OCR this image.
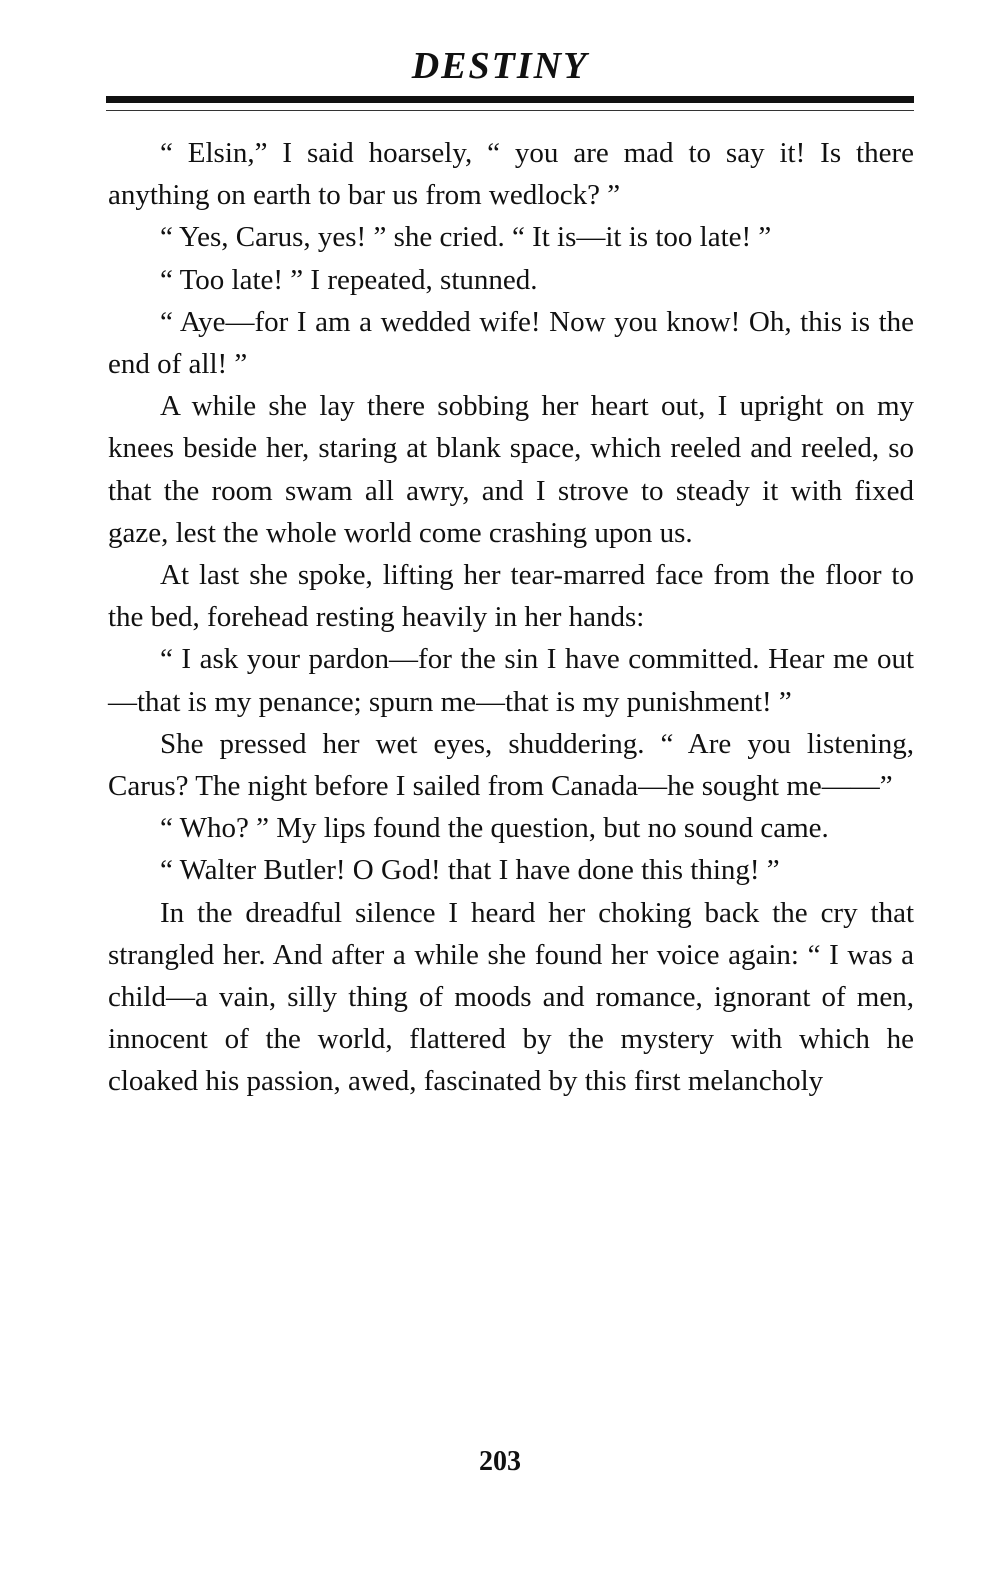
DESTINY

“ Elsin,” I said hoarsely, “ you are mad to say it! Is there anything on earth to bar us from wedlock? ”

“ Yes, Carus, yes! ” she cried. “ It is—it is too late! ”

“ Too late! ” I repeated, stunned.

“ Aye—for I am a wedded wife! Now you know! Oh, this is the end of all! ”

A while she lay there sobbing her heart out, I upright on my knees beside her, staring at blank space, which reeled and reeled, so that the room swam all awry, and I strove to steady it with fixed gaze, lest the whole world come crashing upon us.

At last she spoke, lifting her tear-marred face from the floor to the bed, forehead resting heavily in her hands:

“ I ask your pardon—for the sin I have committed. Hear me out—that is my penance; spurn me—that is my punishment! ”

She pressed her wet eyes, shuddering. “ Are you listening, Carus? The night before I sailed from Canada—he sought me——”

“ Who? ” My lips found the question, but no sound came.

“ Walter Butler! O God! that I have done this thing! ”

In the dreadful silence I heard her choking back the cry that strangled her. And after a while she found her voice again: “ I was a child—a vain, silly thing of moods and romance, ignorant of men, innocent of the world, flattered by the mystery with which he cloaked his passion, awed, fascinated by this first melancholy

203
